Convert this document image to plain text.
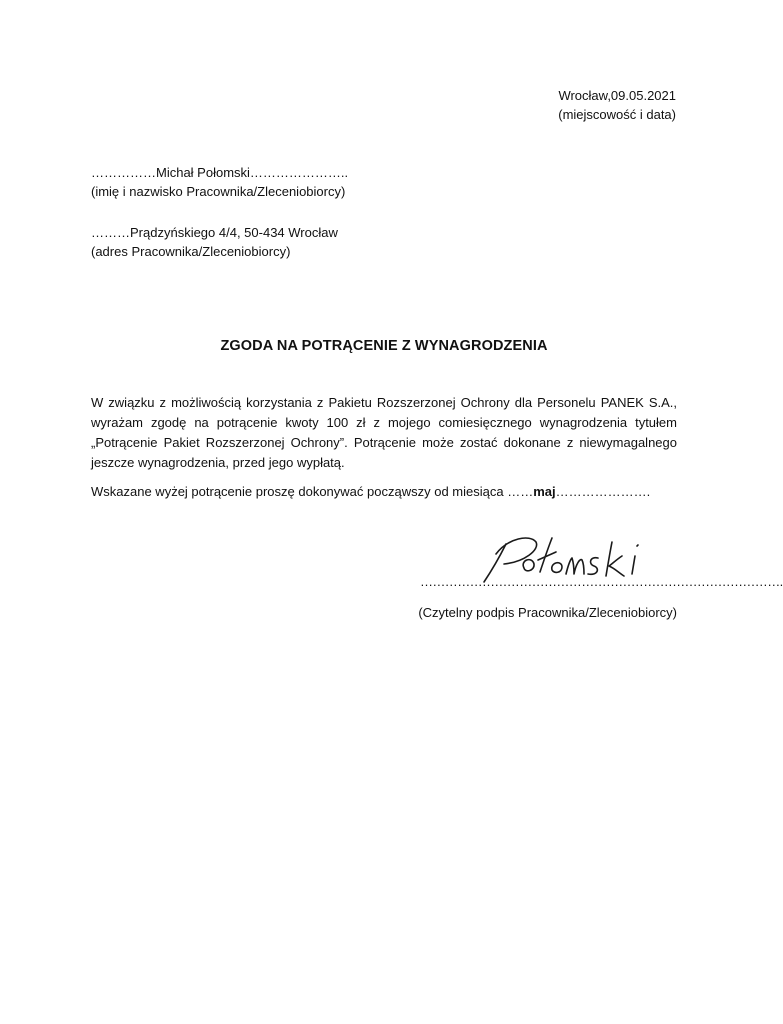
Wrocław,09.05.2021
(miejscowość i data)
……………Michał Połomski…………………..
(imię i nazwisko Pracownika/Zleceniobiorcy)
………Prądzyńskiego 4/4, 50-434 Wrocław
(adres Pracownika/Zleceniobiorcy)
ZGODA NA POTRĄCENIE Z WYNAGRODZENIA
W związku z możliwością korzystania z Pakietu Rozszerzonej Ochrony dla Personelu PANEK S.A., wyrażam zgodę na potrącenie kwoty 100 zł z mojego comiesięcznego wynagrodzenia tytułem „Potrącenie Pakiet Rozszerzonej Ochrony”. Potrącenie może zostać dokonane z niewymagalnego jeszcze wynagrodzenia, przed jego wypłatą.
Wskazane wyżej potrącenie proszę dokonywać począwszy od miesiąca ……maj………………….
…………………………………………………………………………….
(Czytelny podpis Pracownika/Zleceniobiorcy)
